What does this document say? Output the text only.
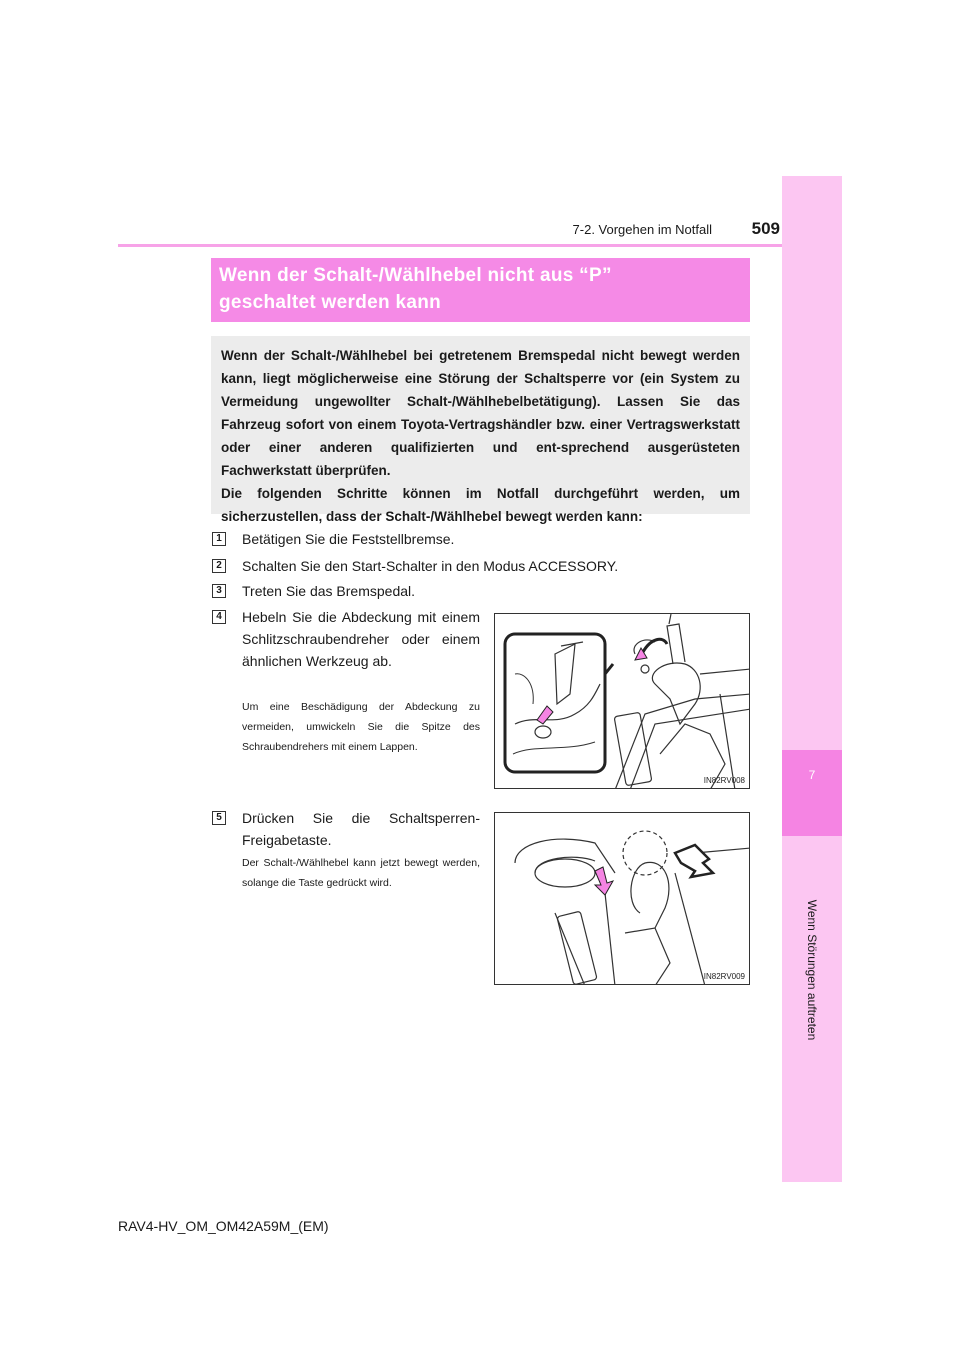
7
Wenn Störungen auftreten
7-2. Vorgehen im Notfall	509
Wenn der Schalt-/Wählhebel nicht aus “P”
geschaltet werden kann
Wenn der Schalt-/Wählhebel bei getretenem Bremspedal nicht bewegt werden kann, liegt möglicherweise eine Störung der Schaltsperre vor (ein System zu Vermeidung ungewollter Schalt-/Wählhebelbetätigung). Lassen Sie das Fahrzeug sofort von einem Toyota-Vertragshändler bzw. einer Vertragswerkstatt oder einer anderen qualifizierten und ent-sprechend ausgerüsteten Fachwerkstatt überprüfen.
Die folgenden Schritte können im Notfall durchgeführt werden, um sicherzustellen, dass der Schalt-/Wählhebel bewegt werden kann:
1	Betätigen Sie die Feststellbremse.
2	Schalten Sie den Start-Schalter in den Modus ACCESSORY.
3	Treten Sie das Bremspedal.
4	Hebeln Sie die Abdeckung mit einem Schlitzschraubendreher oder einem ähnlichen Werkzeug ab.
Um eine Beschädigung der Abdeckung zu vermeiden, umwickeln Sie die Spitze des Schraubendrehers mit einem Lappen.
IN82RV008
5	Drücken Sie die Schaltsperren-Freigabetaste.
Der Schalt-/Wählhebel kann jetzt bewegt werden, solange die Taste gedrückt wird.
IN82RV009
RAV4-HV_OM_OM42A59M_(EM)
